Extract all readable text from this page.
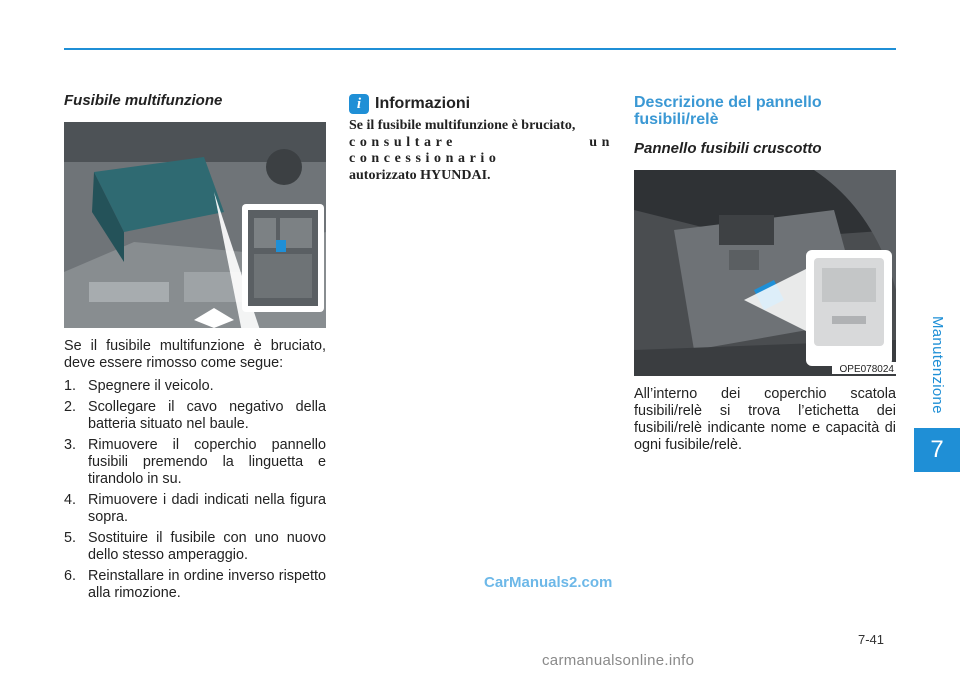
Manutenzione
7
Fusibile multifunzione

Se il fusibile multifunzione è bruciato, deve essere rimosso come segue:

1. Spegnere il veicolo.
2. Scollegare il cavo negativo della batteria situato nel baule.
3. Rimuovere il coperchio pannello fusibili premendo la linguetta e tirandolo in su.
4. Rimuovere i dadi indicati nella figura sopra.
5. Sostituire il fusibile con uno nuovo dello stesso amperaggio.
6. Reinstallare in ordine inverso rispetto alla rimozione.
i Informazioni

Se il fusibile multifunzione è bruciato,
consultare un concessionario
autorizzato HYUNDAI.

Descrizione del pannello
fusibili/relè
Pannello fusibili cruscotto
OPE078024

All’interno dei coperchio scatola fusibili/relè si trova l’etichetta dei fusibili/relè indicante nome e capacità di ogni fusibile/relè.

CarManuals2.com
7-41
carmanualsonline.info
